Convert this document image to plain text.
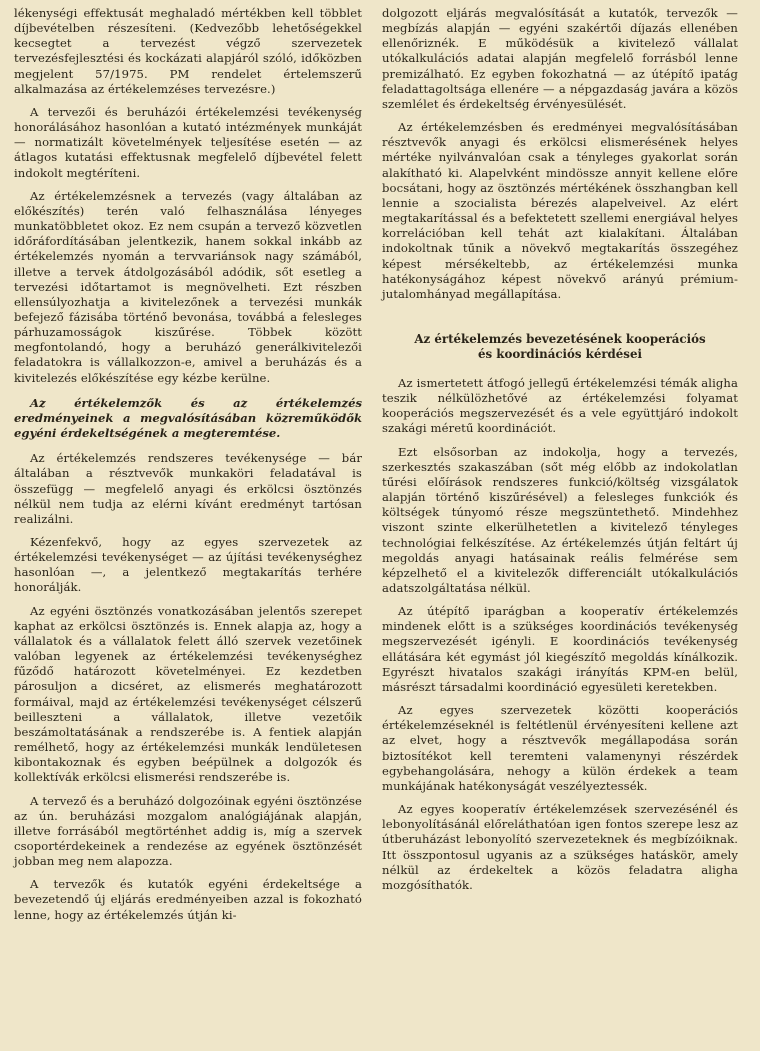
lékenységi effektusát meghaladó mértékben kell többlet díjbevételben részesíteni. (Kedvezőbb lehetőségekkel kecsegtet a tervezést végző szervezetek tervezésfejlesztési és kockázati alapjáról szóló, időközben megjelent 57/1975. PM rendelet értelemszerű alkalmazása az értékelemzéses tervezésre.)

A tervezői és beruházói értékelemzési tevékenység honorálásához hasonlóan a kutató intézmények munkáját — normatizált követelmények teljesítése esetén — az átlagos kutatási effektusnak megfelelő díjbevétel felett indokolt megtéríteni.

Az értékelemzésnek a tervezés (vagy általában az előkészítés) terén való felhasználása lényeges munkatöbbletet okoz. Ez nem csupán a tervező közvetlen időráfordításában jelentkezik, hanem sokkal inkább az értékelemzés nyomán a tervvariánsok nagy számából, illetve a tervek átdolgozásából adódik, sőt esetleg a tervezési időtartamot is megnövelheti. Ezt részben ellensúlyozhatja a kivitelezőnek a tervezési munkák befejező fázisába történő bevonása, továbbá a felesleges párhuzamosságok kiszűrése. Többek között megfontolandó, hogy a beruházó generálkivitelezői feladatokra is vállalkozzon-e, amivel a beruházás és a kivitelezés előkészítése egy kézbe kerülne.

Az értékelemzők és az értékelemzés eredményeinek a megvalósításában közreműködők egyéni érdekeltségének a megteremtése.

Az értékelemzés rendszeres tevékenysége — bár általában a résztvevők munkaköri feladatával is összefügg — megfelelő anyagi és erkölcsi ösztönzés nélkül nem tudja az elérni kívánt eredményt tartósan realizálni.

Kézenfekvő, hogy az egyes szervezetek az értékelemzési tevékenységet — az újítási tevékenységhez hasonlóan —, a jelentkező megtakarítás terhére honorálják.

Az egyéni ösztönzés vonatkozásában jelentős szerepet kaphat az erkölcsi ösztönzés is. Ennek alapja az, hogy a vállalatok és a vállalatok felett álló szervek vezetőinek valóban legyenek az értékelemzési tevékenységhez fűződő határozott követelményei. Ez kezdetben párosuljon a dicséret, az elismerés meghatározott formáival, majd az értékelemzési tevékenységet célszerű beilleszteni a vállalatok, illetve vezetőik beszámoltatásának a rendszerébe is. A fentiek alapján remélhető, hogy az értékelemzési munkák lendületesen kibontakoznak és egyben beépülnek a dolgozók és kollektívák erkölcsi elismerési rendszerébe is.

A tervező és a beruházó dolgozóinak egyéni ösztönzése az ún. beruházási mozgalom analógiájának alapján, illetve forrásából megtörténhet addig is, míg a szervek csoportérdekeinek a rendezése az egyének ösztönzését jobban meg nem alapozza.

A tervezők és kutatók egyéni érdekeltsége a bevezetendő új eljárás eredményeiben azzal is fokozható lenne, hogy az értékelemzés útján ki-

dolgozott eljárás megvalósítását a kutatók, tervezők — megbízás alapján — egyéni szakértői díjazás ellenében ellenőriznék. E működésük a kivitelező vállalat utókalkulációs adatai alapján megfelelő forrásból lenne premizálható. Ez egyben fokozhatná — az útépítő ipatág feladattagoltsága ellenére — a népgazdaság javára a közös szemlélet és érdekeltség érvényesülését.

Az értékelemzésben és eredményei megvalósításában résztvevők anyagi és erkölcsi elismerésének helyes mértéke nyilvánvalóan csak a tényleges gyakorlat során alakítható ki. Alapelvként mindössze annyit kellene előre bocsátani, hogy az ösztönzés mértékének összhangban kell lennie a szocialista bérezés alapelveivel. Az elért megtakarítással és a befektetett szellemi energiával helyes korrelációban kell tehát azt kialakítani. Általában indokoltnak tűnik a növekvő megtakarítás összegéhez képest mérsékeltebb, az értékelemzési munka hatékonyságához képest növekvő arányú prémium-jutalomhányad megállapítása.

Az értékelemzés bevezetésének kooperációs
és koordinációs kérdései

Az ismertetett átfogó jellegű értékelemzési témák aligha teszik nélkülözhetővé az értékelemzési folyamat kooperációs megszervezését és a vele együttjáró indokolt szakági méretű koordinációt.

Ezt elsősorban az indokolja, hogy a tervezés, szerkesztés szakaszában (sőt még előbb az indokolatlan tűrési előírások rendszeres funkció/költség vizsgálatok alapján történő kiszűrésével) a felesleges funkciók és költségek túnyomó része megszüntethető. Mindehhez viszont szinte elkerülhetetlen a kivitelező tényleges technológiai felkészítése. Az értékelemzés útján feltárt új megoldás anyagi hatásainak reális felmérése sem képzelhető el a kivitelezők differenciált utókalkulációs adatszolgáltatása nélkül.

Az útépítő iparágban a kooperatív értékelemzés mindenek előtt is a szükséges koordinációs tevékenység megszervezését igényli. E koordinációs tevékenység ellátására két egymást jól kiegészítő megoldás kínálkozik. Egyrészt hivatalos szakági irányítás KPM-en belül, másrészt társadalmi koordináció egyesületi keretekben.

Az egyes szervezetek közötti kooperációs értékelemzéseknél is feltétlenül érvényesíteni kellene azt az elvet, hogy a résztvevők megállapodása során biztosítékot kell teremteni valamenynyi részérdek egybehangolására, nehogy a külön érdekek a team munkájának hatékonyságát veszélyeztessék.

Az egyes kooperatív értékelemzések szervezésénél és lebonyolításánál előreláthatóan igen fontos szerepe lesz az útberuházást lebonyolító szervezeteknek és megbízóiknak. Itt összpontosul ugyanis az a szükséges hatáskör, amely nélkül az érdekeltek a közös feladatra aligha mozgósíthatók.
